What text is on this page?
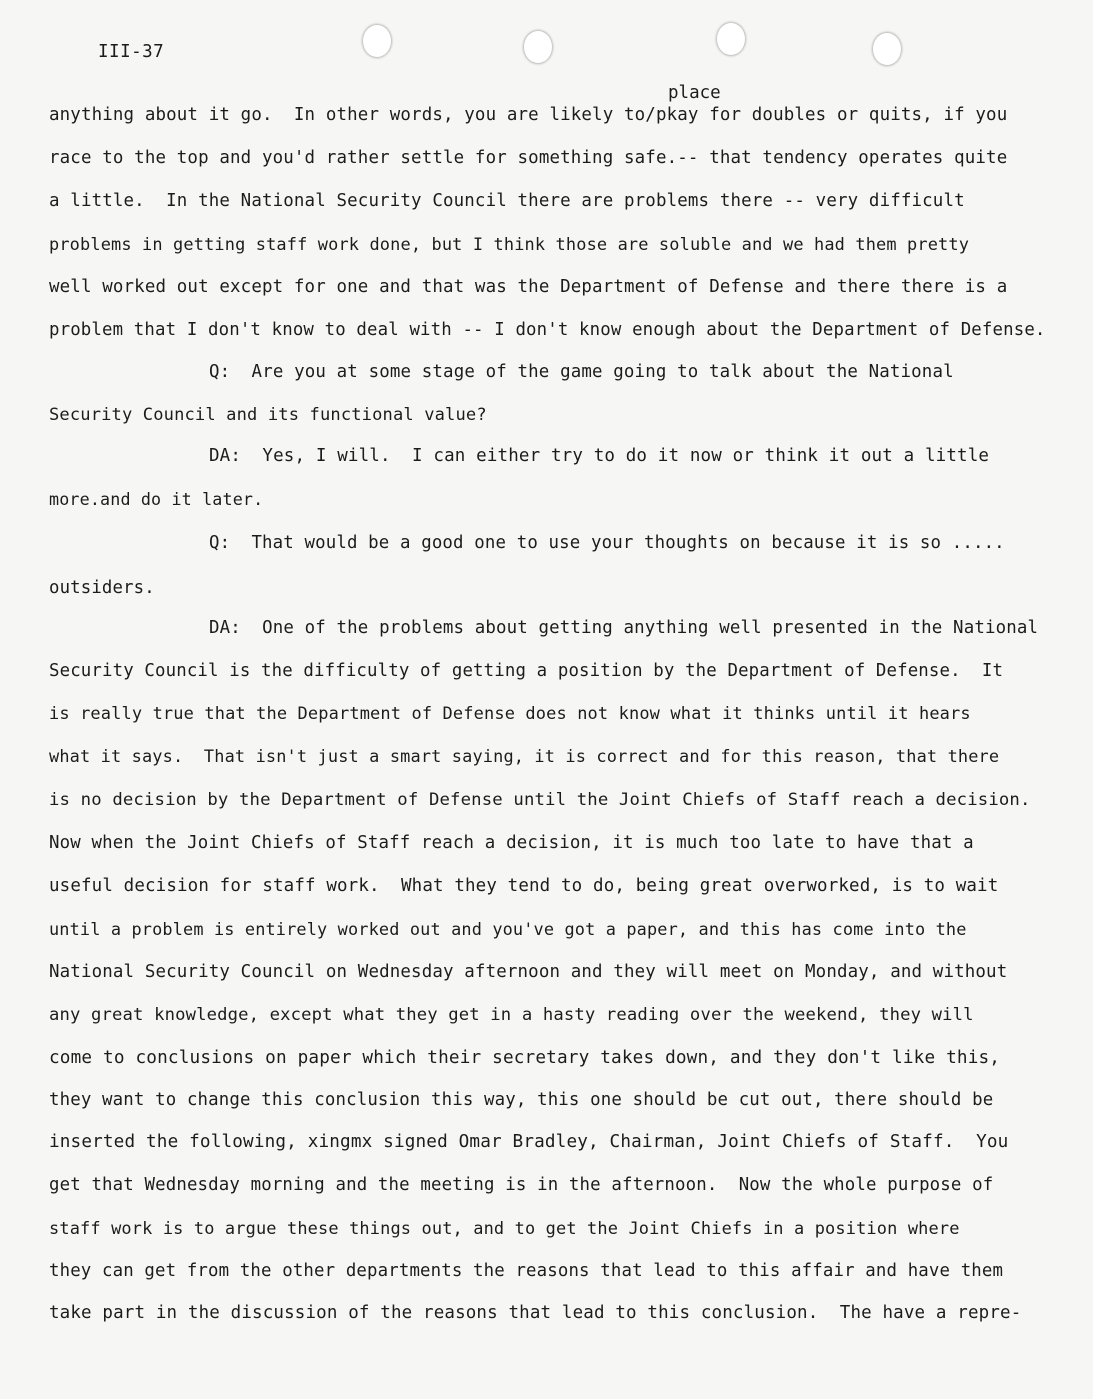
III-37
place
anything about it go.  In other words, you are likely to/pkay for doubles or quits, if you
race to the top and you'd rather settle for something safe.-- that tendency operates quite
a little.  In the National Security Council there are problems there -- very difficult
problems in getting staff work done, but I think those are soluble and we had them pretty
well worked out except for one and that was the Department of Defense and there there is a
problem that I don't know to deal with -- I don't know enough about the Department of Defense.
Q:  Are you at some stage of the game going to talk about the National
Security Council and its functional value?
DA:  Yes, I will.  I can either try to do it now or think it out a little
more.and do it later.
Q:  That would be a good one to use your thoughts on because it is so .....
outsiders.
DA:  One of the problems about getting anything well presented in the National
Security Council is the difficulty of getting a position by the Department of Defense.  It
is really true that the Department of Defense does not know what it thinks until it hears
what it says.  That isn't just a smart saying, it is correct and for this reason, that there
is no decision by the Department of Defense until the Joint Chiefs of Staff reach a decision.
Now when the Joint Chiefs of Staff reach a decision, it is much too late to have that a
useful decision for staff work.  What they tend to do, being great overworked, is to wait
until a problem is entirely worked out and you've got a paper, and this has come into the
National Security Council on Wednesday afternoon and they will meet on Monday, and without
any great knowledge, except what they get in a hasty reading over the weekend, they will
come to conclusions on paper which their secretary takes down, and they don't like this,
they want to change this conclusion this way, this one should be cut out, there should be
inserted the following, xingmx signed Omar Bradley, Chairman, Joint Chiefs of Staff.  You
get that Wednesday morning and the meeting is in the afternoon.  Now the whole purpose of
staff work is to argue these things out, and to get the Joint Chiefs in a position where
they can get from the other departments the reasons that lead to this affair and have them
take part in the discussion of the reasons that lead to this conclusion.  The have a repre-
